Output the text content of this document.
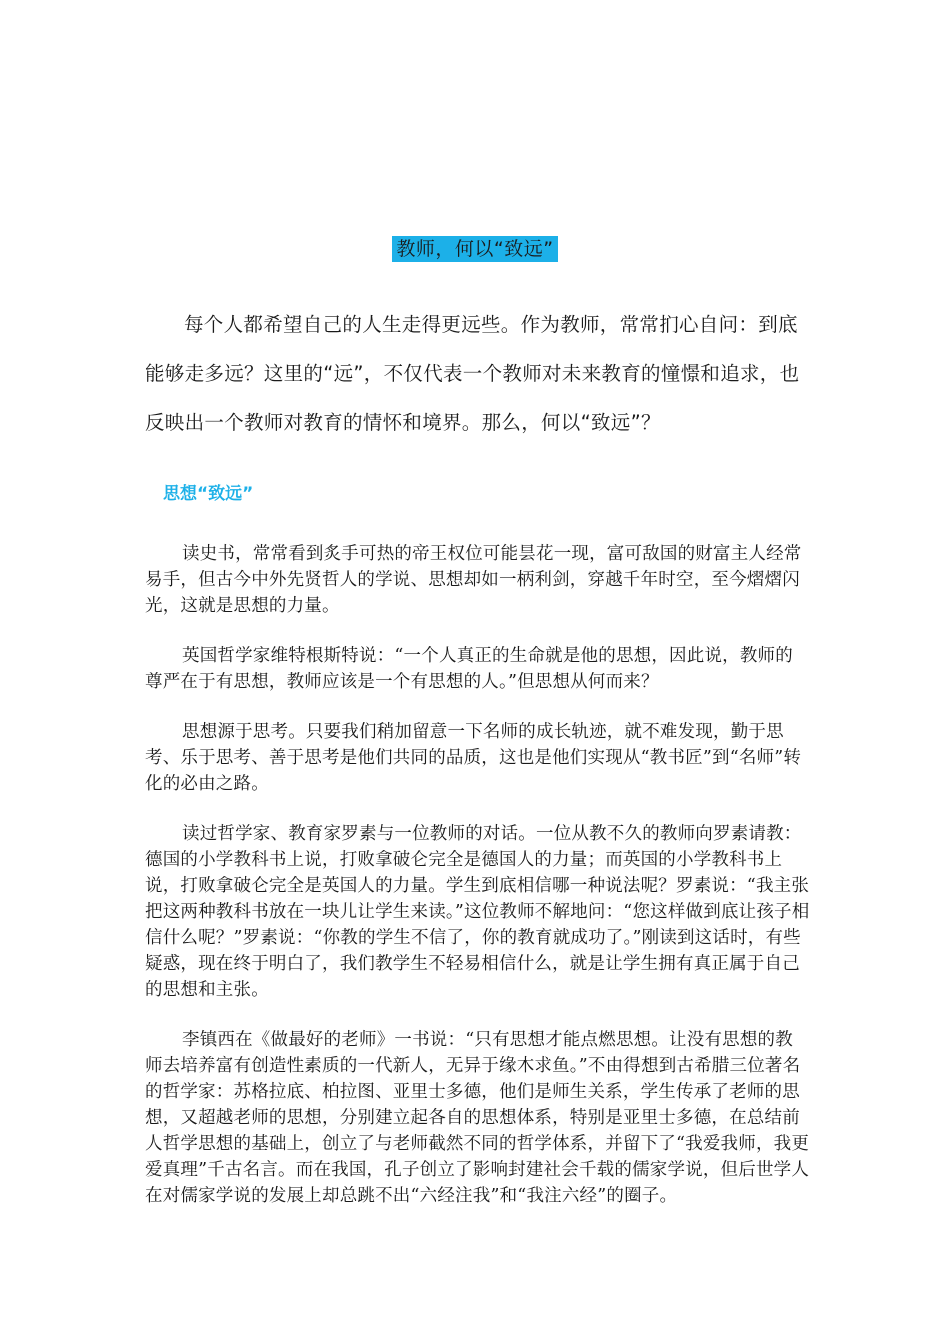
教师，何以“致远”

每个人都希望自己的人生走得更远些。作为教师，常常扪心自问：到底能够走多远？这里的“远”，不仅代表一个教师对未来教育的憧憬和追求，也反映出一个教师对教育的情怀和境界。那么，何以“致远”？

思想“致远”

读史书，常常看到炙手可热的帝王权位可能昙花一现，富可敌国的财富主人经常易手，但古今中外先贤哲人的学说、思想却如一柄利剑，穿越千年时空，至今熠熠闪光，这就是思想的力量。

英国哲学家维特根斯特说：“一个人真正的生命就是他的思想，因此说，教师的尊严在于有思想，教师应该是一个有思想的人。”但思想从何而来？

思想源于思考。只要我们稍加留意一下名师的成长轨迹，就不难发现，勤于思考、乐于思考、善于思考是他们共同的品质，这也是他们实现从“教书匠”到“名师”转化的必由之路。

读过哲学家、教育家罗素与一位教师的对话。一位从教不久的教师向罗素请教：德国的小学教科书上说，打败拿破仑完全是德国人的力量；而英国的小学教科书上说，打败拿破仑完全是英国人的力量。学生到底相信哪一种说法呢？罗素说：“我主张把这两种教科书放在一块儿让学生来读。”这位教师不解地问：“您这样做到底让孩子相信什么呢？”罗素说：“你教的学生不信了，你的教育就成功了。”刚读到这话时，有些疑惑，现在终于明白了，我们教学生不轻易相信什么，就是让学生拥有真正属于自己的思想和主张。

李镇西在《做最好的老师》一书说：“只有思想才能点燃思想。让没有思想的教师去培养富有创造性素质的一代新人，无异于缘木求鱼。”不由得想到古希腊三位著名的哲学家：苏格拉底、柏拉图、亚里士多德，他们是师生关系，学生传承了老师的思想，又超越老师的思想，分别建立起各自的思想体系，特别是亚里士多德，在总结前人哲学思想的基础上，创立了与老师截然不同的哲学体系，并留下了“我爱我师，我更爱真理”千古名言。而在我国，孔子创立了影响封建社会千载的儒家学说，但后世学人在对儒家学说的发展上却总跳不出“六经注我”和“我注六经”的圈子。
